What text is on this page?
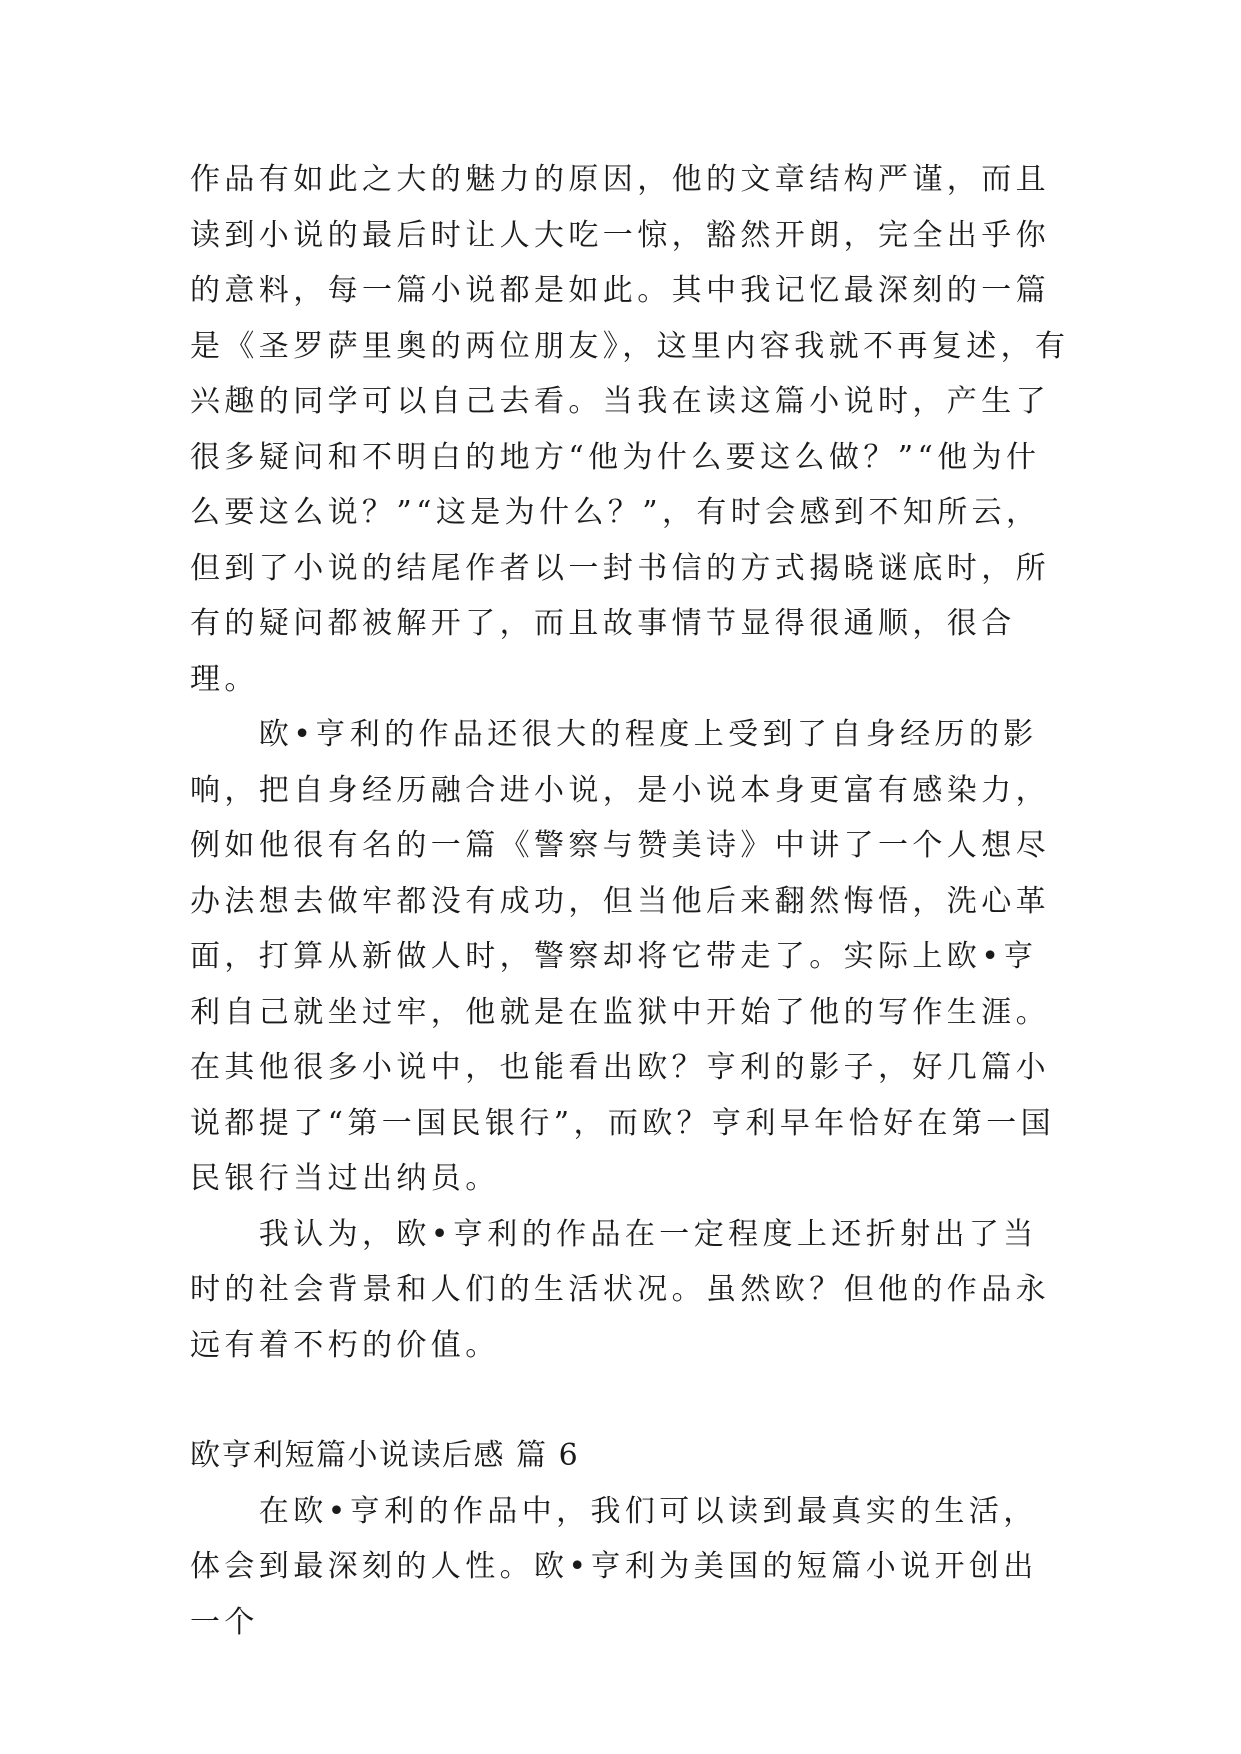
作品有如此之大的魅力的原因，他的文章结构严谨，而且读到小说的最后时让人大吃一惊，豁然开朗，完全出乎你的意料，每一篇小说都是如此。其中我记忆最深刻的一篇是《圣罗萨里奥的两位朋友》，这里内容我就不再复述，有兴趣的同学可以自己去看。当我在读这篇小说时，产生了很多疑问和不明白的地方“他为什么要这么做？”“他为什么要这么说？”“这是为什么？”，有时会感到不知所云，但到了小说的结尾作者以一封书信的方式揭晓谜底时，所有的疑问都被解开了，而且故事情节显得很通顺，很合理。

　　欧•亨利的作品还很大的程度上受到了自身经历的影响，把自身经历融合进小说，是小说本身更富有感染力，例如他很有名的一篇《警察与赞美诗》中讲了一个人想尽办法想去做牢都没有成功，但当他后来翻然悔悟，洗心革面，打算从新做人时，警察却将它带走了。实际上欧•亨利自己就坐过牢，他就是在监狱中开始了他的写作生涯。在其他很多小说中，也能看出欧？亨利的影子，好几篇小说都提了“第一国民银行”，而欧？亨利早年恰好在第一国民银行当过出纳员。

　　我认为，欧•亨利的作品在一定程度上还折射出了当时的社会背景和人们的生活状况。虽然欧？但他的作品永远有着不朽的价值。

欧亨利短篇小说读后感 篇 6

　　在欧•亨利的作品中，我们可以读到最真实的生活，体会到最深刻的人性。欧•亨利为美国的短篇小说开创出一个
